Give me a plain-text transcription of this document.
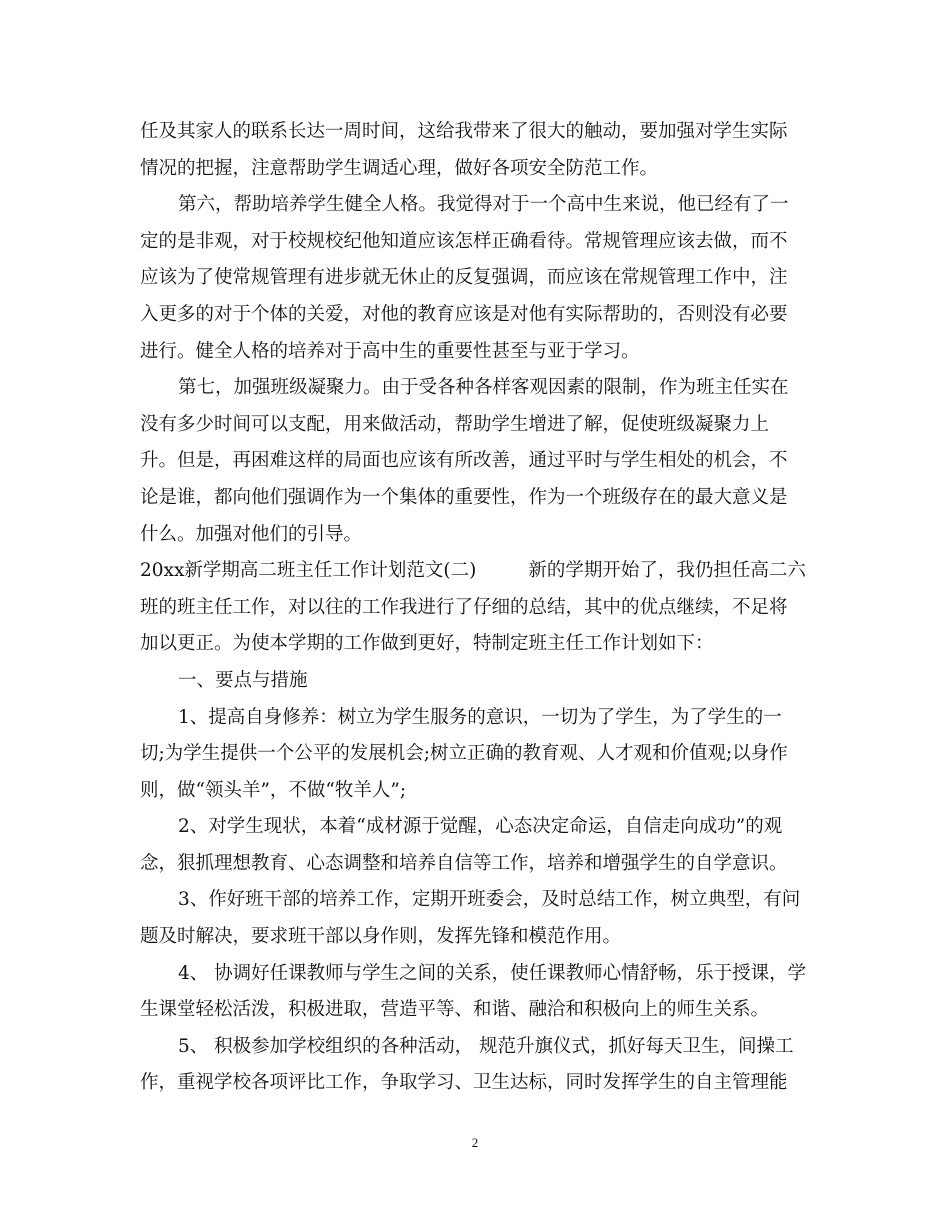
任及其家人的联系长达一周时间，这给我带来了很大的触动，要加强对学生实际
情况的把握，注意帮助学生调适心理，做好各项安全防范工作。
第六，帮助培养学生健全人格。我觉得对于一个高中生来说，他已经有了一
定的是非观，对于校规校纪他知道应该怎样正确看待。常规管理应该去做，而不
应该为了使常规管理有进步就无休止的反复强调，而应该在常规管理工作中，注
入更多的对于个体的关爱，对他的教育应该是对他有实际帮助的，否则没有必要
进行。健全人格的培养对于高中生的重要性甚至与亚于学习。
第七，加强班级凝聚力。由于受各种各样客观因素的限制，作为班主任实在
没有多少时间可以支配，用来做活动，帮助学生增进了解，促使班级凝聚力上
升。但是，再困难这样的局面也应该有所改善，通过平时与学生相处的机会，不
论是谁，都向他们强调作为一个集体的重要性，作为一个班级存在的最大意义是
什么。加强对他们的引导。
20xx新学期高二班主任工作计划范文(二)	新的学期开始了，我仍担任高二六
班的班主任工作，对以往的工作我进行了仔细的总结，其中的优点继续，不足将
加以更正。为使本学期的工作做到更好，特制定班主任工作计划如下：
一、要点与措施
1、提高自身修养：树立为学生服务的意识，一切为了学生，为了学生的一
切;为学生提供一个公平的发展机会;树立正确的教育观、人才观和价值观;以身作
则，做“领头羊”，不做“牧羊人”;
2、对学生现状，本着“成材源于觉醒，心态决定命运，自信走向成功”的观
念，狠抓理想教育、心态调整和培养自信等工作，培养和增强学生的自学意识。
3、作好班干部的培养工作，定期开班委会，及时总结工作，树立典型，有问
题及时解决，要求班干部以身作则，发挥先锋和模范作用。
4、 协调好任课教师与学生之间的关系，使任课教师心情舒畅，乐于授课，学
生课堂轻松活泼，积极进取，营造平等、和谐、融洽和积极向上的师生关系。
5、 积极参加学校组织的各种活动， 规范升旗仪式，抓好每天卫生，间操工
作，重视学校各项评比工作，争取学习、卫生达标，同时发挥学生的自主管理能
2
